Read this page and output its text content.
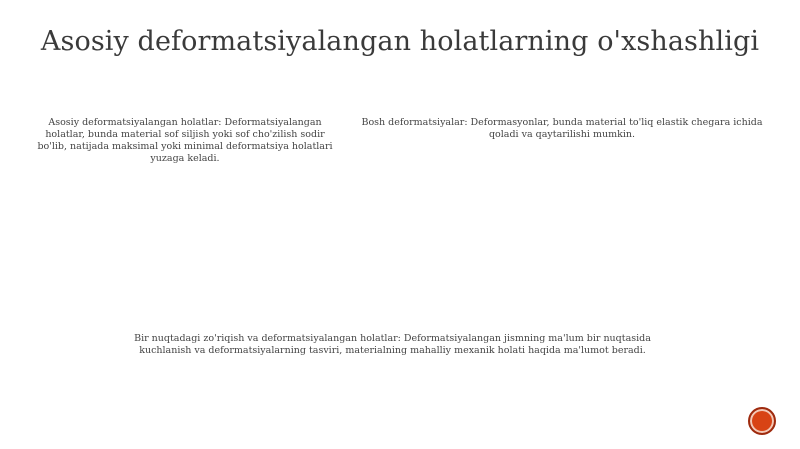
Asosiy deformatsiyalangan holatlarning o'xshashligi
Asosiy deformatsiyalangan holatlar: Deformatsiyalangan holatlar, bunda material sof siljish yoki sof cho'zilish sodir bo'lib, natijada maksimal yoki minimal deformatsiya holatlari yuzaga keladi.
Bosh deformatsiyalar: Deformasyonlar, bunda material to'liq elastik chegara ichida qoladi va qaytarilishi mumkin.
Bir nuqtadagi zo'riqish va deformatsiyalangan holatlar: Deformatsiyalangan jismning ma'lum bir nuqtasida kuchlanish va deformatsiyalarning tasviri, materialning mahalliy mexanik holati haqida ma'lumot beradi.
